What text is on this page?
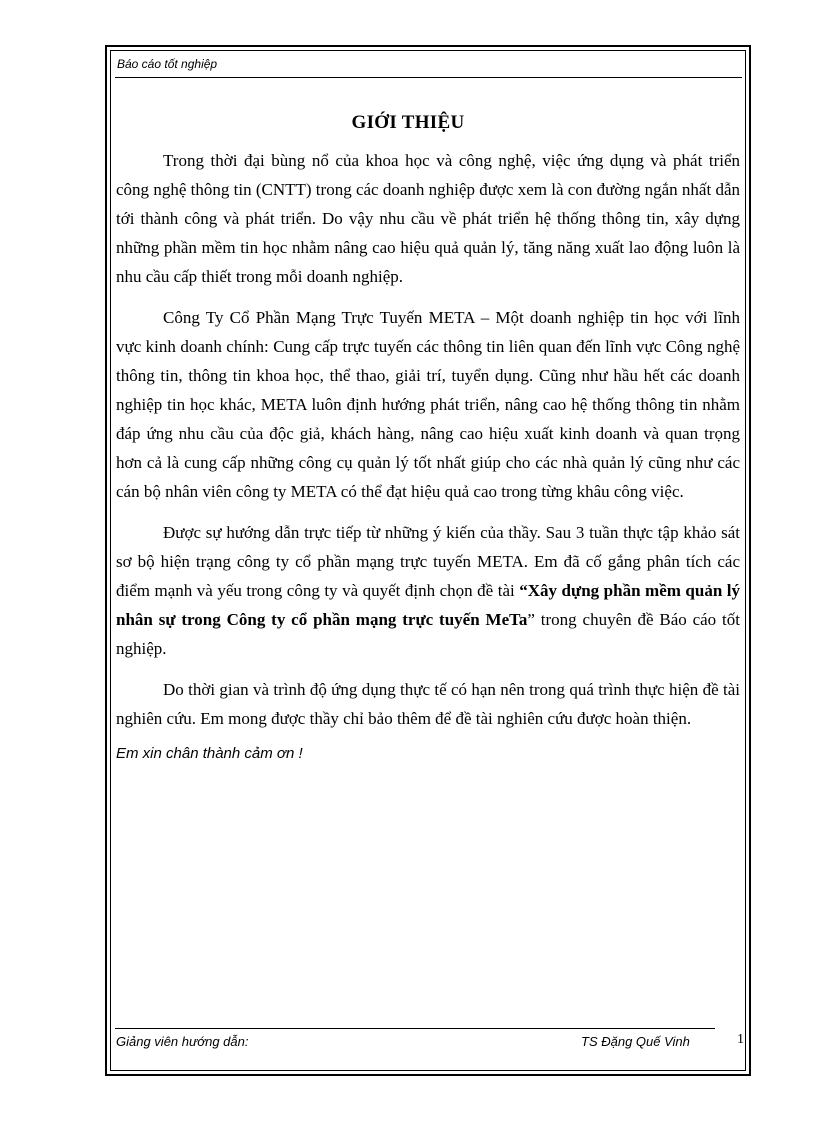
Báo cáo tốt nghiệp
GIỚI THIỆU

Trong thời đại bùng nổ của khoa học và công nghệ, việc ứng dụng và phát triển công nghệ thông tin (CNTT) trong các doanh nghiệp được xem là con đường ngắn nhất dẫn tới thành công và phát triển. Do vậy nhu cầu về phát triển hệ thống thông tin, xây dựng những phần mềm tin học nhằm nâng cao hiệu quả quản lý, tăng năng xuất lao động luôn là nhu cầu cấp thiết trong mỗi doanh nghiệp.

Công Ty Cổ Phần Mạng Trực Tuyến META – Một doanh nghiệp tin học với lĩnh vực kinh doanh chính: Cung cấp trực tuyến các thông tin liên quan đến lĩnh vực Công nghệ thông tin, thông tin khoa học, thể thao, giải trí, tuyển dụng. Cũng như hầu hết các doanh nghiệp tin học khác, META luôn định hướng phát triển, nâng cao hệ thống thông tin nhằm đáp ứng nhu cầu của độc giả, khách hàng, nâng cao hiệu xuất kinh doanh và quan trọng hơn cả là cung cấp những công cụ quản lý tốt nhất giúp cho các nhà quản lý cũng như các cán bộ nhân viên công ty META có thể đạt hiệu quả cao trong từng khâu công việc.

Được sự hướng dẫn trực tiếp từ những ý kiến của thầy. Sau 3 tuần thực tập khảo sát sơ bộ hiện trạng công ty cổ phần mạng trực tuyến META. Em đã cố gắng phân tích các điểm mạnh và yếu trong công ty và quyết định chọn đề tài “Xây dựng phần mềm quản lý nhân sự trong Công ty cổ phần mạng trực tuyến MeTa” trong chuyên đề Báo cáo tốt nghiệp.

Do thời gian và trình độ ứng dụng thực tế có hạn nên trong quá trình thực hiện đề tài nghiên cứu. Em mong được thầy chỉ bảo thêm để đề tài nghiên cứu được hoàn thiện.

Em xin chân thành cảm ơn !
Giảng viên hướng dẫn:	TS Đặng Quế Vinh	1
